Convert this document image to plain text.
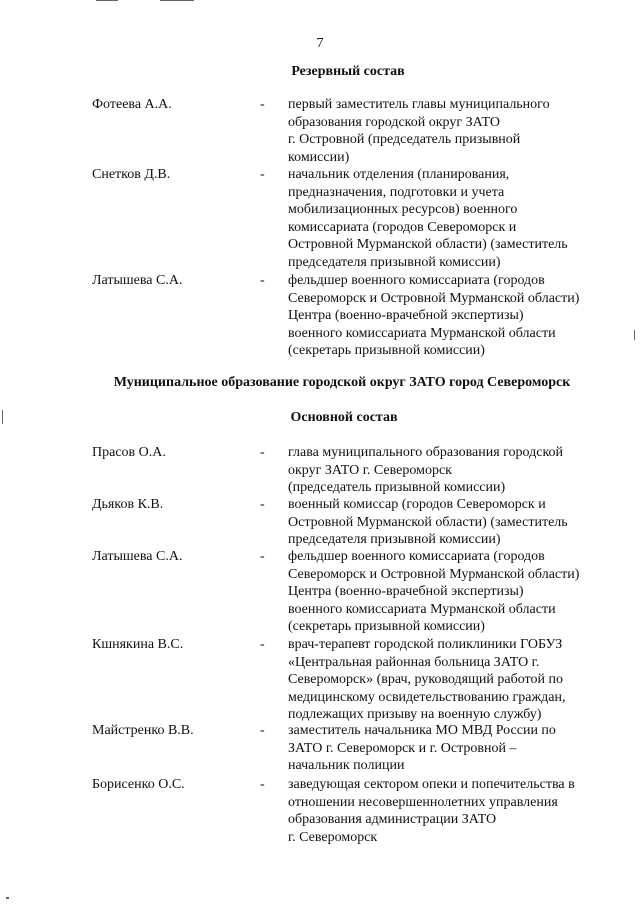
7
Резервный состав
Фотеева А.А.	-	первый заместитель главы муниципального
образования городской округ ЗАТО
г. Островной (председатель призывной
комиссии)
Снетков Д.В.	-	начальник отделения (планирования,
предназначения, подготовки и учета
мобилизационных ресурсов) военного
комиссариата (городов Североморск и
Островной Мурманской области) (заместитель
председателя призывной комиссии)
Латышева С.А.	-	фельдшер военного комиссариата (городов
Североморск и Островной Мурманской области)
Центра (военно-врачебной экспертизы)
военного комиссариата Мурманской области
(секретарь призывной комиссии)
Муниципальное образование городской округ ЗАТО город Североморск
Основной состав
Прасов О.А.	-	глава муниципального образования городской
округ ЗАТО г. Североморск
(председатель призывной комиссии)
Дьяков К.В.	-	военный комиссар (городов Североморск и
Островной Мурманской области) (заместитель
председателя призывной комиссии)
Латышева С.А.	-	фельдшер военного комиссариата (городов
Североморск и Островной Мурманской области)
Центра (военно-врачебной экспертизы)
военного комиссариата Мурманской области
(секретарь призывной комиссии)
Кшнякина В.С.	-	врач-терапевт городской поликлиники ГОБУЗ
«Центральная районная больница ЗАТО г.
Североморск» (врач, руководящий работой по
медицинскому освидетельствованию граждан,
подлежащих призыву на военную службу)
Майстренко В.В.	-	заместитель начальника МО МВД России по
ЗАТО г. Североморск и г. Островной –
начальник полиции
Борисенко О.С.	-	заведующая сектором опеки и попечительства в
отношении несовершеннолетних управления
образования администрации ЗАТО
г. Североморск
